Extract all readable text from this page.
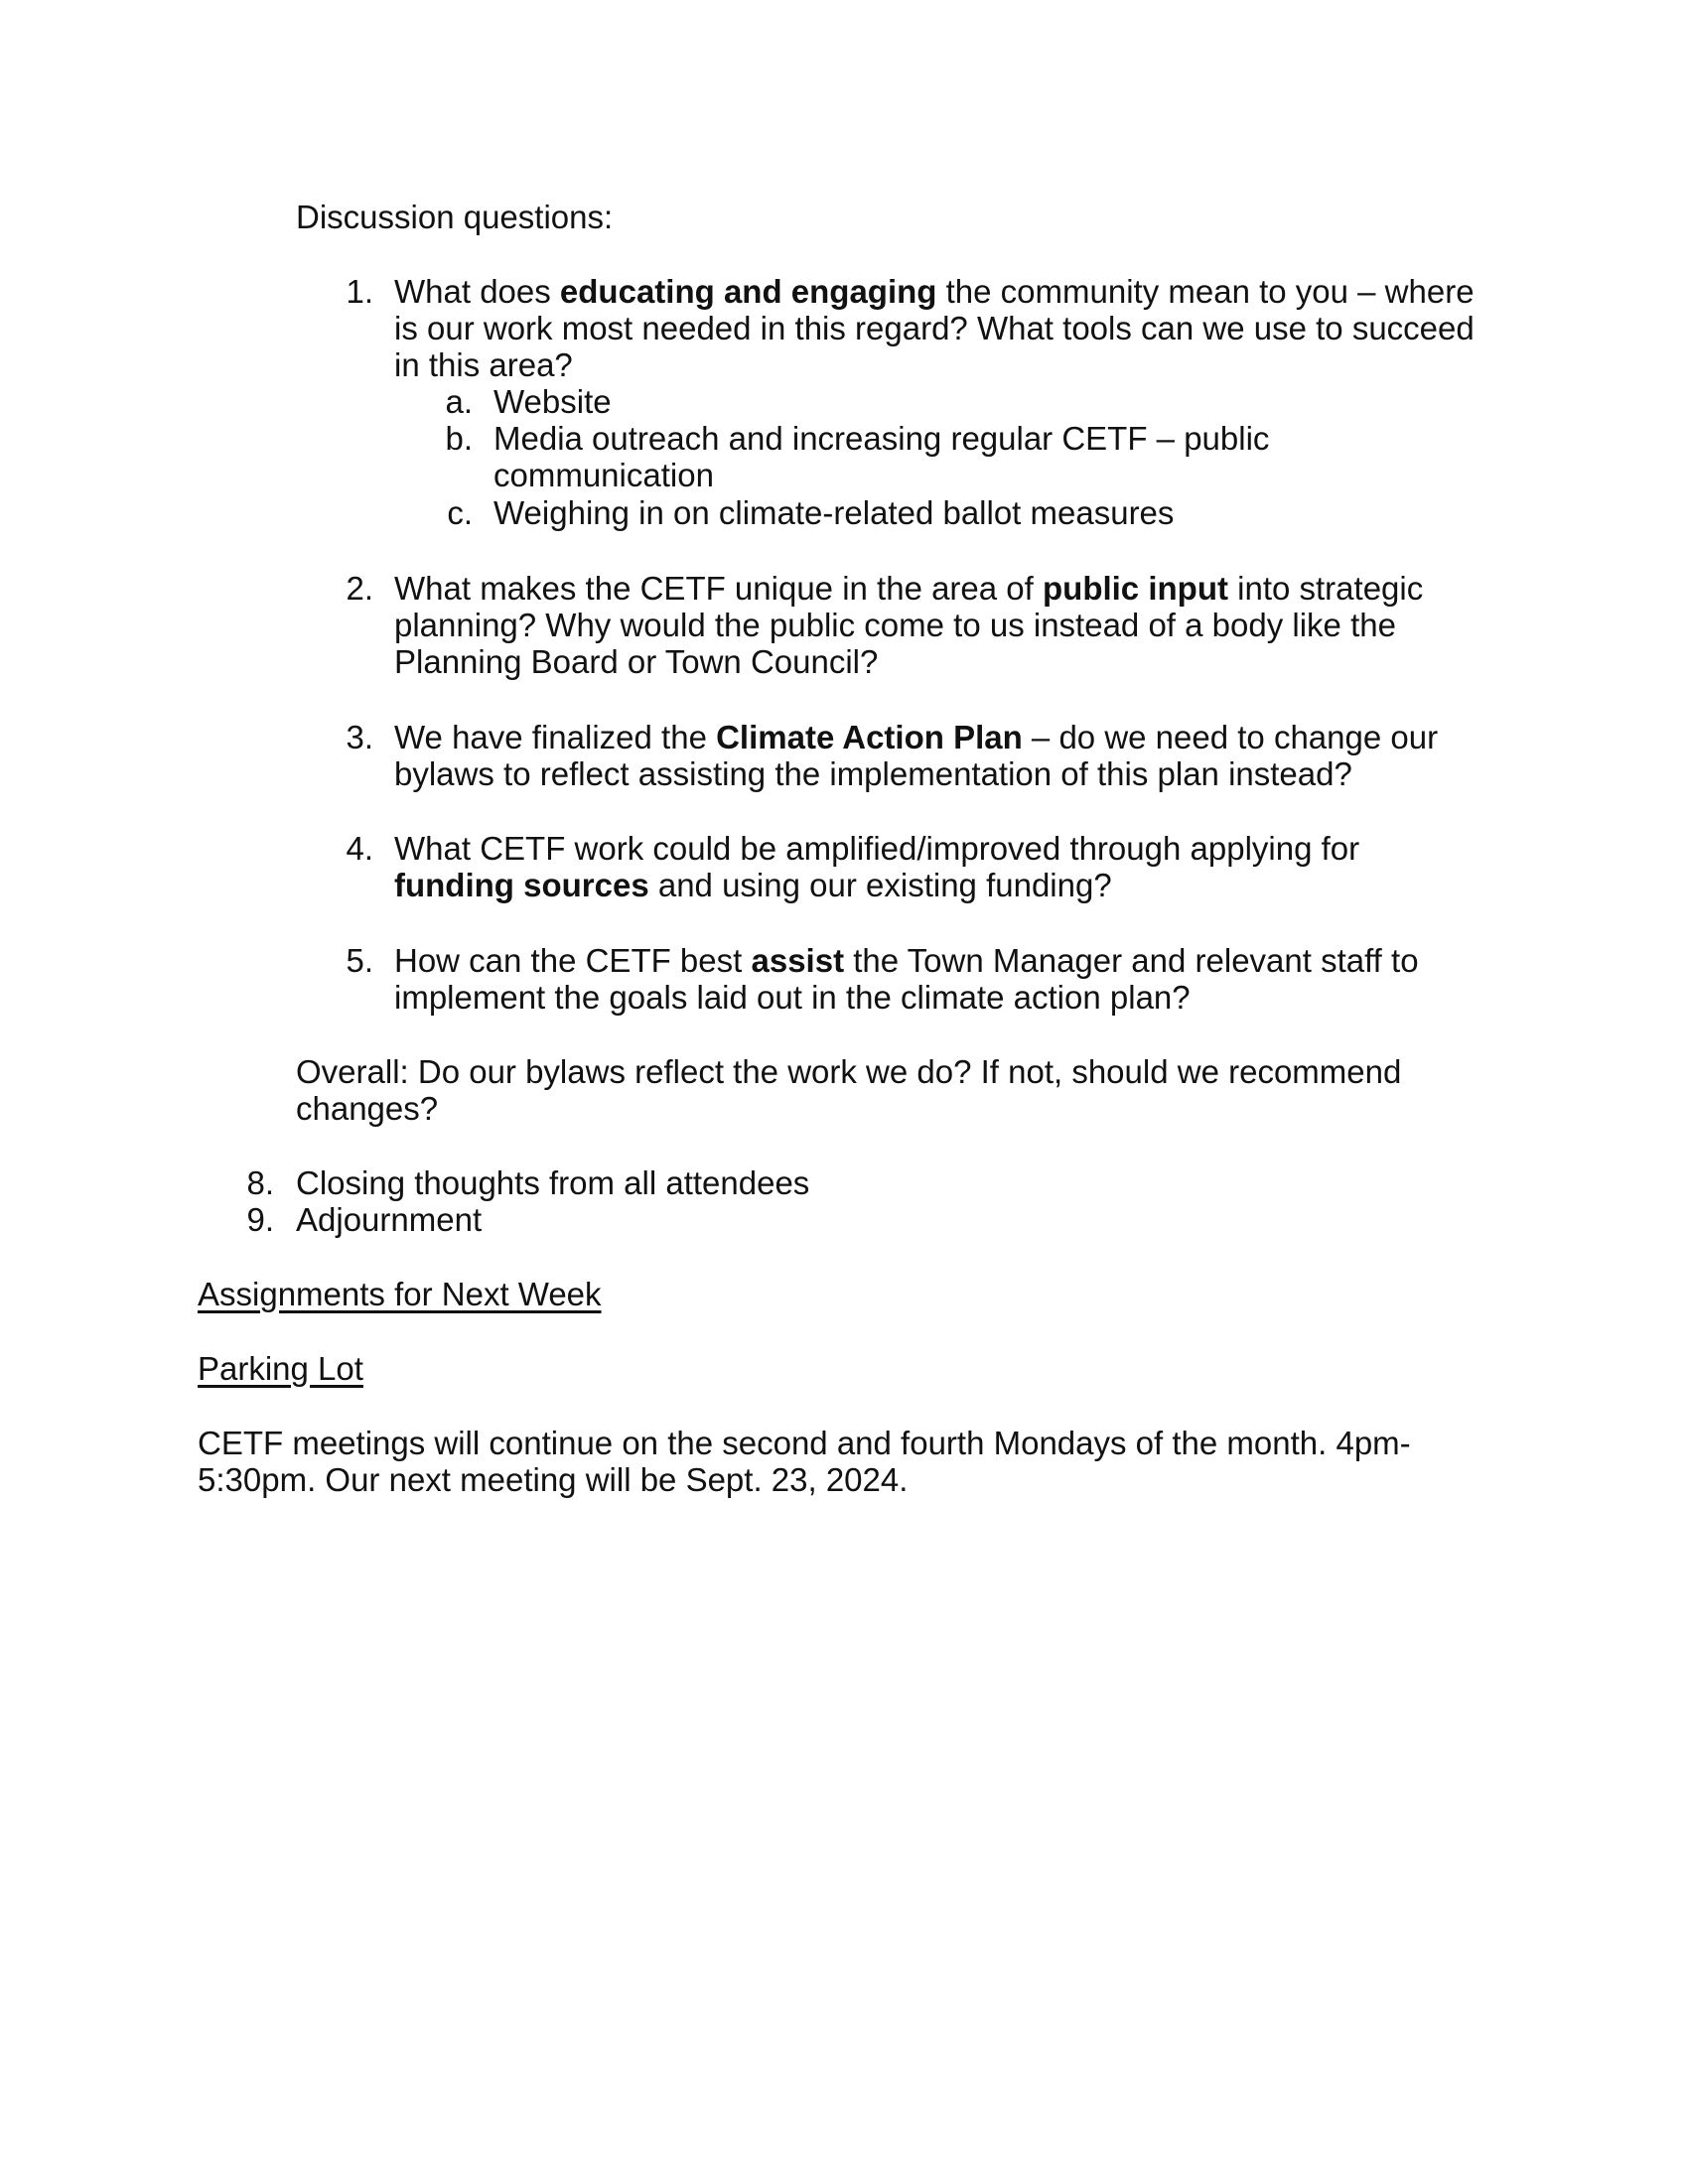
Discussion questions:
1. What does educating and engaging the community mean to you – where
is our work most needed in this regard? What tools can we use to succeed
in this area?
a. Website
b. Media outreach and increasing regular CETF – public
communication
c. Weighing in on climate-related ballot measures
2. What makes the CETF unique in the area of public input into strategic
planning? Why would the public come to us instead of a body like the
Planning Board or Town Council?
3. We have finalized the Climate Action Plan – do we need to change our
bylaws to reflect assisting the implementation of this plan instead?
4. What CETF work could be amplified/improved through applying for
funding sources and using our existing funding?
5. How can the CETF best assist the Town Manager and relevant staff to
implement the goals laid out in the climate action plan?
Overall: Do our bylaws reflect the work we do? If not, should we recommend
changes?
8. Closing thoughts from all attendees
9. Adjournment
Assignments for Next Week
Parking Lot
CETF meetings will continue on the second and fourth Mondays of the month. 4pm-
5:30pm. Our next meeting will be Sept. 23, 2024.
